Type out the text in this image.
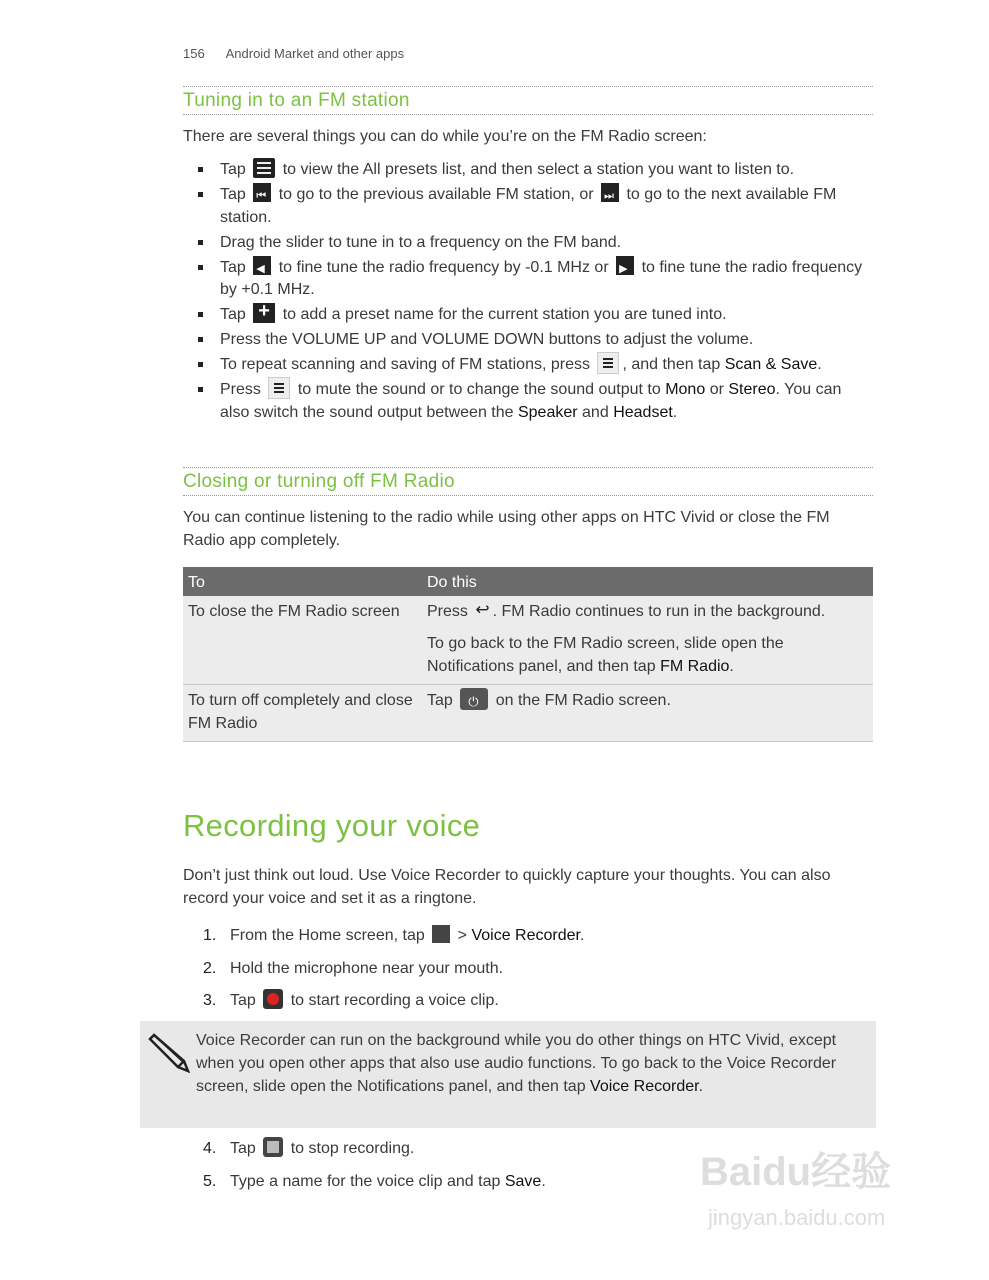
156 Android Market and other apps
Tuning in to an FM station
There are several things you can do while you’re on the FM Radio screen:
Tap to view the All presets list, and then select a station you want to listen to.
Tap ⏮ to go to the previous available FM station, or ⏭ to go to the next available FM station.
Drag the slider to tune in to a frequency on the FM band.
Tap ◀ to fine tune the radio frequency by -0.1 MHz or ▶ to fine tune the radio frequency by +0.1 MHz.
Tap + to add a preset name for the current station you are tuned into.
Press the VOLUME UP and VOLUME DOWN buttons to adjust the volume.
To repeat scanning and saving of FM stations, press , and then tap Scan & Save.
Press to mute the sound or to change the sound output to Mono or Stereo. You can also switch the sound output between the Speaker and Headset.
Closing or turning off FM Radio
You can continue listening to the radio while using other apps on HTC Vivid or close the FM Radio app completely.
To	Do this
To close the FM Radio screen	Press ↩ . FM Radio continues to run in the background.

To go back to the FM Radio screen, slide open the Notifications panel, and then tap FM Radio.

To turn off completely and close FM Radio	Tap ⏻ on the FM Radio screen.
Recording your voice
Don’t just think out loud. Use Voice Recorder to quickly capture your thoughts. You can also record your voice and set it as a ringtone.
1. From the Home screen, tap > Voice Recorder.
2. Hold the microphone near your mouth.
3. Tap to start recording a voice clip.
Voice Recorder can run on the background while you do other things on HTC Vivid, except when you open other apps that also use audio functions. To go back to the Voice Recorder screen, slide open the Notifications panel, and then tap Voice Recorder.
4. Tap to stop recording.
5. Type a name for the voice clip and tap Save.	Baidu经验
jingyan.baidu.com
